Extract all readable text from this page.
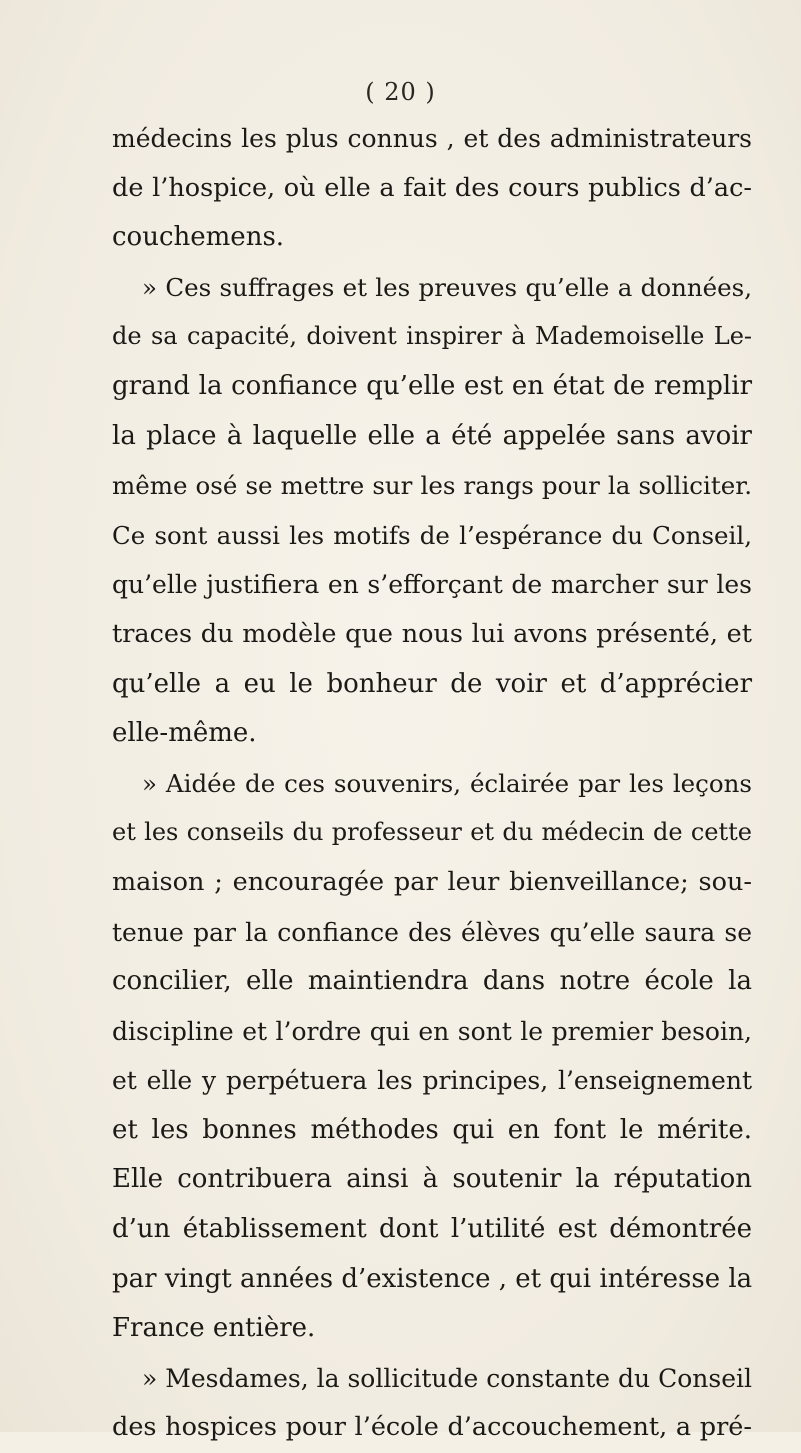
( 20 )
médecins les plus connus , et des administrateurs
de l’hospice, où elle a fait des cours publics d’ac-
couchemens.
» Ces suffrages et les preuves qu’elle a données,
de sa capacité, doivent inspirer à Mademoiselle Le-
grand la confiance qu’elle est en état de remplir
la place à laquelle elle a été appelée sans avoir
même osé se mettre sur les rangs pour la solliciter.
Ce sont aussi les motifs de l’espérance du Conseil,
qu’elle justifiera en s’efforçant de marcher sur les
traces du modèle que nous lui avons présenté, et
qu’elle a eu le bonheur de voir et d’apprécier
elle-même.
» Aidée de ces souvenirs, éclairée par les leçons
et les conseils du professeur et du médecin de cette
maison ; encouragée par leur bienveillance; sou-
tenue par la confiance des élèves qu’elle saura se
concilier, elle maintiendra dans notre école la
discipline et l’ordre qui en sont le premier besoin,
et elle y perpétuera les principes, l’enseignement
et les bonnes méthodes qui en font le mérite.
Elle contribuera ainsi à soutenir la réputation
d’un établissement dont l’utilité est démontrée
par vingt années d’existence , et qui intéresse la
France entière.
» Mesdames, la sollicitude constante du Conseil
des hospices pour l’école d’accouchement, a pré-
